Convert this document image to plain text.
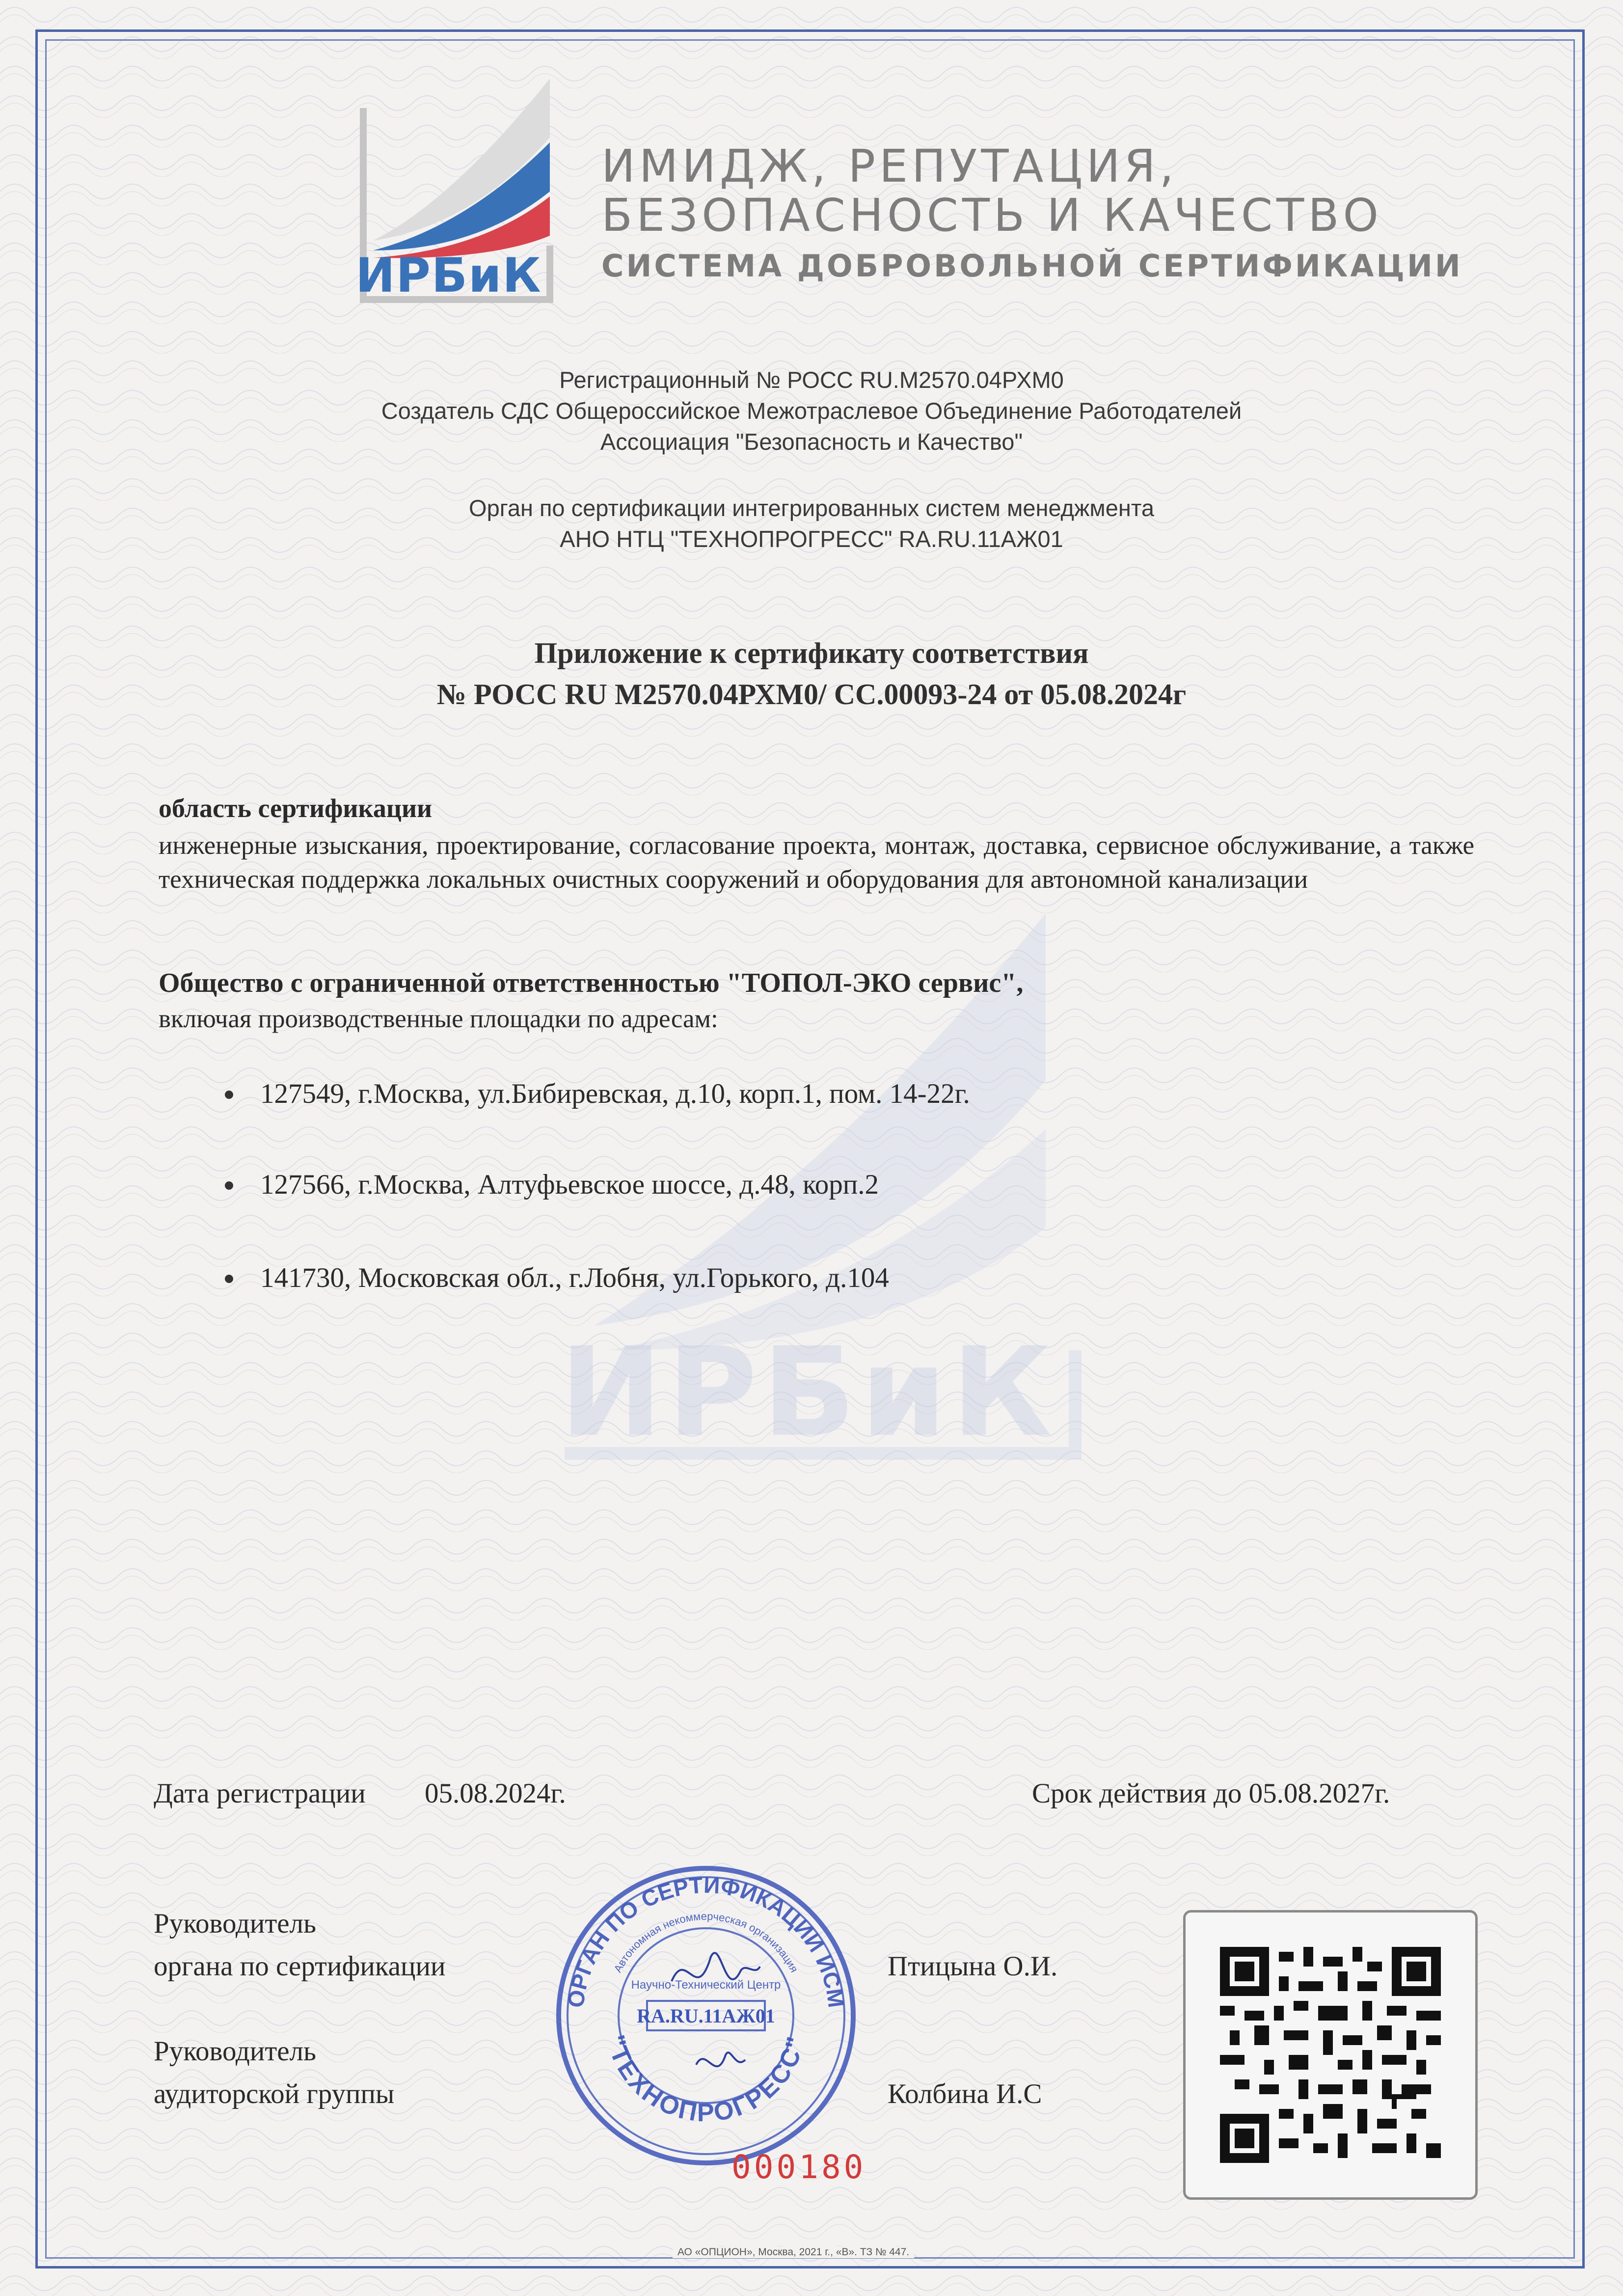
ИРБиК
ИМИДЖ, РЕПУТАЦИЯ,
БЕЗОПАСНОСТЬ И КАЧЕСТВО
СИСТЕМА ДОБРОВОЛЬНОЙ СЕРТИФИКАЦИИ
Регистрационный № РОСС RU.M2570.04РХМ0
Создатель СДС Общероссийское Межотраслевое Объединение Работодателей
Ассоциация "Безопасность и Качество"
Орган по сертификации интегрированных систем менеджмента
АНО НТЦ "ТЕХНОПРОГРЕСС" RA.RU.11АЖ01
Приложение к сертификату соответствия
№ РОСС RU M2570.04РХМ0/ СС.00093-24 от 05.08.2024г
ИРБиК
область сертификации
инженерные изыскания, проектирование, согласование проекта, монтаж, доставка, сервисное обслуживание, а также техническая поддержка локальных очистных сооружений и оборудования для автономной канализации
Общество с ограниченной ответственностью "ТОПОЛ-ЭКО сервис",
включая производственные площадки по адресам:
127549, г.Москва, ул.Бибиревская, д.10, корп.1, пом. 14-22г.
127566, г.Москва, Алтуфьевское шоссе, д.48, корп.2
141730, Московская обл., г.Лобня, ул.Горького, д.104
Дата регистрации 05.08.2024г.	Срок действия до 05.08.2027г.
Руководитель
органа по сертификации	Птицына О.И.
Руководитель
аудиторской группы	Колбина И.С
ОРГАН ПО СЕРТИФИКАЦИИ ИСМ
Автономная некоммерческая организация
Научно-Технический Центр
RA.RU.11АЖ01
"ТЕХНОПРОГРЕСС"
000180
АО «ОПЦИОН», Москва, 2021 г., «В». ТЗ № 447.
